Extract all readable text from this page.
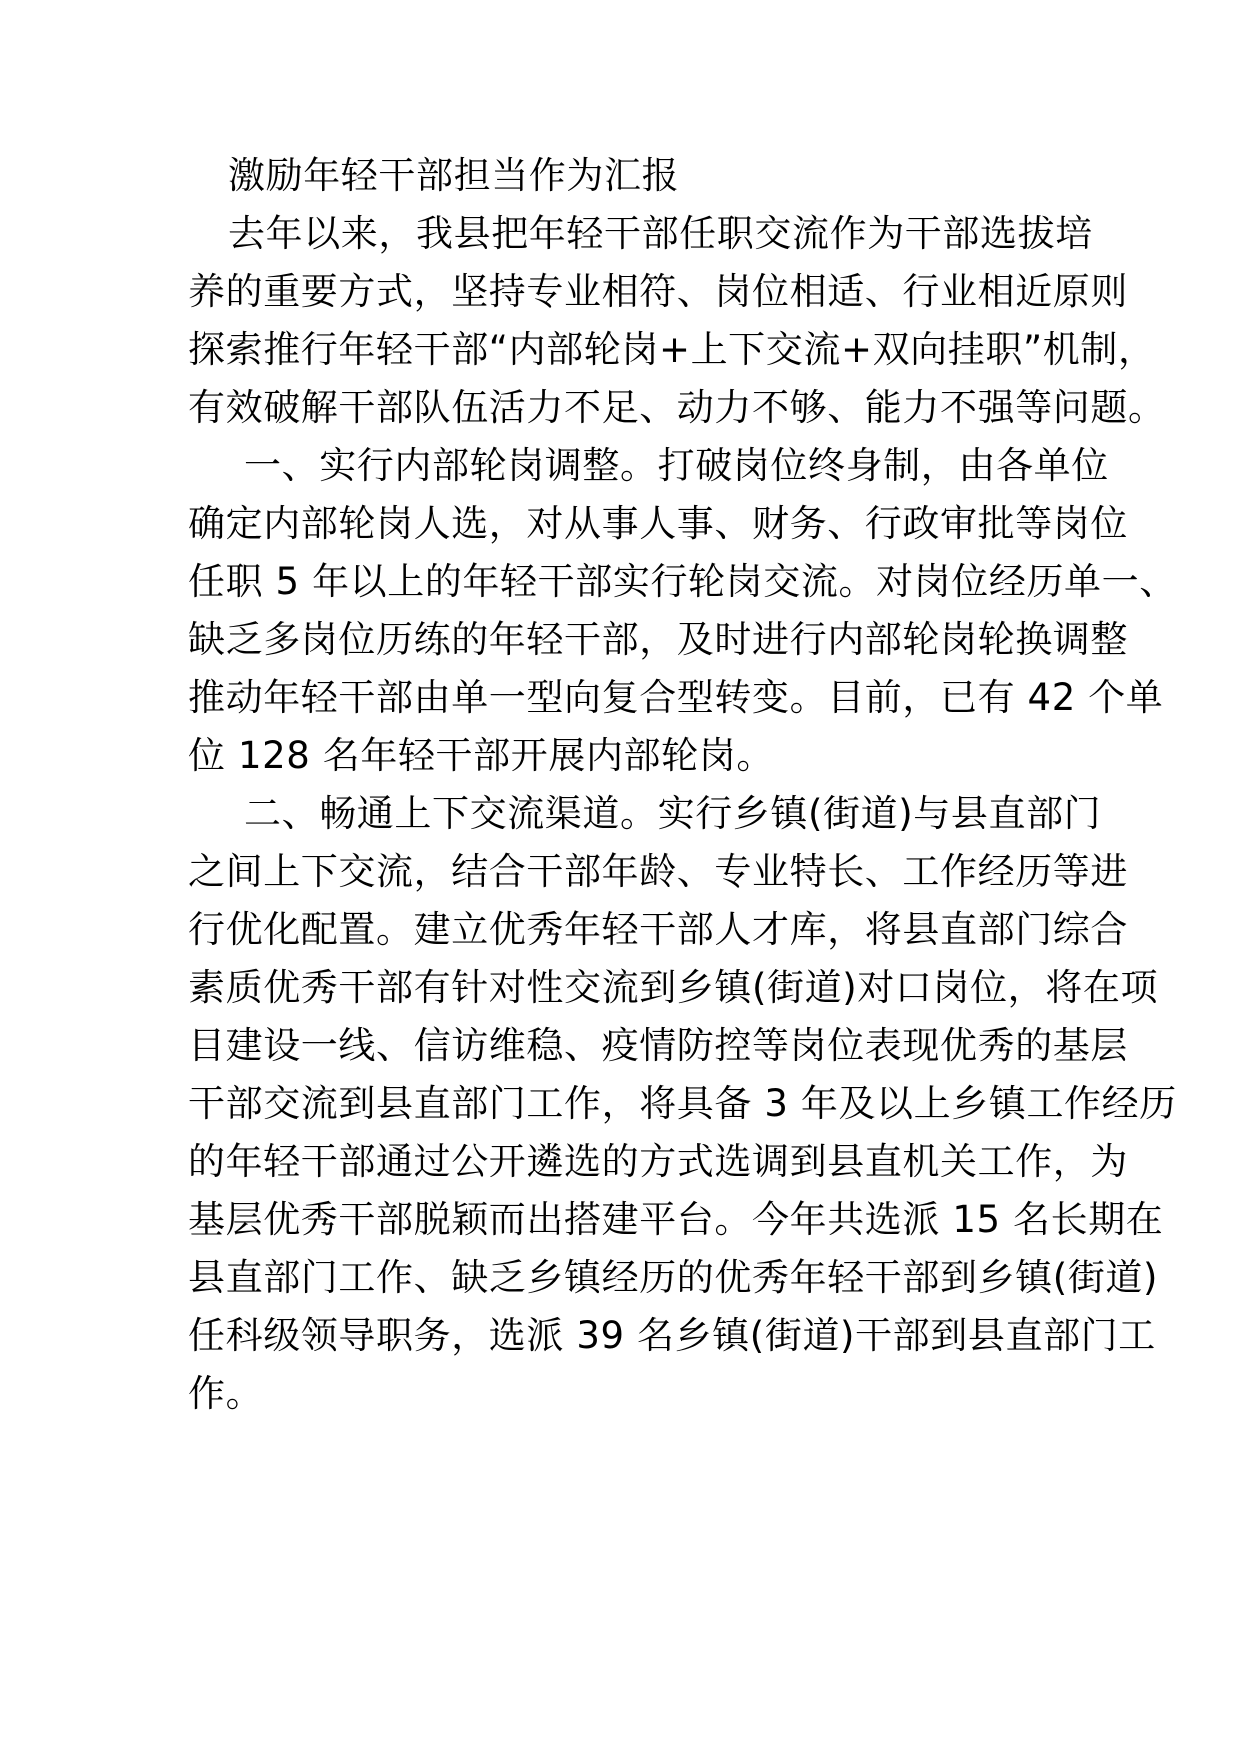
激励年轻干部担当作为汇报

去年以来，我县把年轻干部任职交流作为干部选拔培

养的重要方式，坚持专业相符、岗位相适、行业相近原则

探索推行年轻干部“内部轮岗+上下交流+双向挂职”机制，

有效破解干部队伍活力不足、动力不够、能力不强等问题。

一、实行内部轮岗调整。打破岗位终身制，由各单位

确定内部轮岗人选，对从事人事、财务、行政审批等岗位

任职 5 年以上的年轻干部实行轮岗交流。对岗位经历单一、

缺乏多岗位历练的年轻干部，及时进行内部轮岗轮换调整

推动年轻干部由单一型向复合型转变。目前，已有 42 个单

位 128 名年轻干部开展内部轮岗。

二、畅通上下交流渠道。实行乡镇(街道)与县直部门

之间上下交流，结合干部年龄、专业特长、工作经历等进

行优化配置。建立优秀年轻干部人才库，将县直部门综合

素质优秀干部有针对性交流到乡镇(街道)对口岗位，将在项

目建设一线、信访维稳、疫情防控等岗位表现优秀的基层

干部交流到县直部门工作，将具备 3 年及以上乡镇工作经历

的年轻干部通过公开遴选的方式选调到县直机关工作，为

基层优秀干部脱颖而出搭建平台。今年共选派 15 名长期在

县直部门工作、缺乏乡镇经历的优秀年轻干部到乡镇(街道)

任科级领导职务，选派 39 名乡镇(街道)干部到县直部门工

作。
